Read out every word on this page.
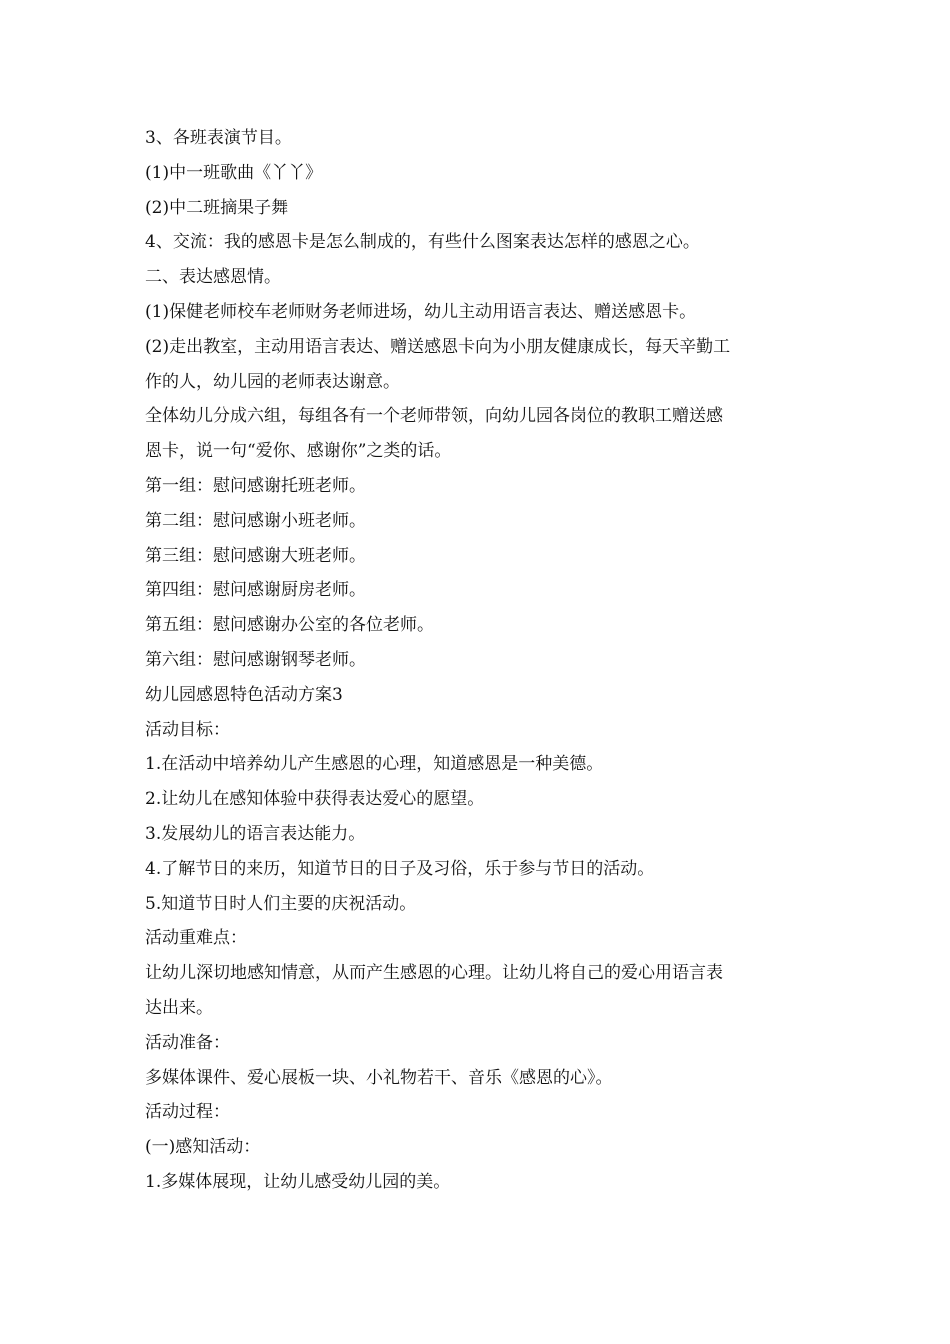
3、各班表演节目。

(1)中一班歌曲《丫丫》

(2)中二班摘果子舞

4、交流：我的感恩卡是怎么制成的，有些什么图案表达怎样的感恩之心。

二、表达感恩情。

(1)保健老师校车老师财务老师进场，幼儿主动用语言表达、赠送感恩卡。

(2)走出教室，主动用语言表达、赠送感恩卡向为小朋友健康成长，每天辛勤工

作的人，幼儿园的老师表达谢意。

全体幼儿分成六组，每组各有一个老师带领，向幼儿园各岗位的教职工赠送感

恩卡，说一句“爱你、感谢你”之类的话。

第一组：慰问感谢托班老师。

第二组：慰问感谢小班老师。

第三组：慰问感谢大班老师。

第四组：慰问感谢厨房老师。

第五组：慰问感谢办公室的各位老师。

第六组：慰问感谢钢琴老师。

幼儿园感恩特色活动方案3

活动目标：

1.在活动中培养幼儿产生感恩的心理，知道感恩是一种美德。

2.让幼儿在感知体验中获得表达爱心的愿望。

3.发展幼儿的语言表达能力。

4.了解节日的来历，知道节日的日子及习俗，乐于参与节日的活动。

5.知道节日时人们主要的庆祝活动。

活动重难点：

让幼儿深切地感知情意，从而产生感恩的心理。让幼儿将自己的爱心用语言表

达出来。

活动准备：

多媒体课件、爱心展板一块、小礼物若干、音乐《感恩的心》。

活动过程：

(一)感知活动：

1.多媒体展现，让幼儿感受幼儿园的美。
